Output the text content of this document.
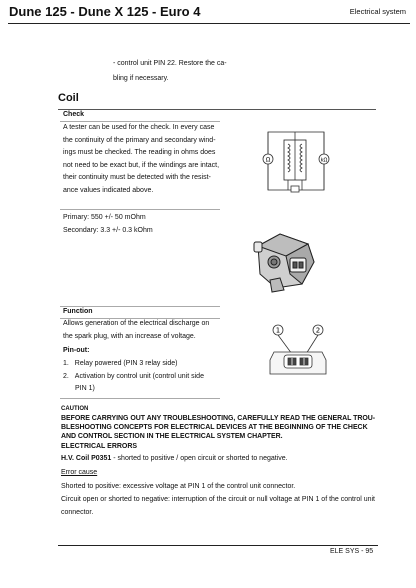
Dune 125 - Dune X 125 - Euro 4	Electrical system
- control unit PIN 22. Restore the ca-
bling if necessary.
Coil
Check
A tester can be used for the check. In every case
the continuity of the primary and secondary wind-
ings must be checked. The reading in ohms does
not need to be exact but, if the windings are intact,
their continuity must be detected with the resist-
ance values indicated above.
Ω	kΩ
Primary: 550 +/- 50 mOhm
Secondary: 3.3 +/- 0.3 kOhm
Function
Allows generation of the electrical discharge on
the spark plug, with an increase of voltage.
Pin-out:
1. Relay powered (PIN 3 relay side)
2. Activation by control unit (control unit side
PIN 1)
1	2
CAUTION
BEFORE CARRYING OUT ANY TROUBLESHOOTING, CAREFULLY READ THE GENERAL TROU-
BLESHOOTING CONCEPTS FOR ELECTRICAL DEVICES AT THE BEGINNING OF THE CHECK
AND CONTROL SECTION IN THE ELECTRICAL SYSTEM CHAPTER.
ELECTRICAL ERRORS
H.V. Coil P0351 - shorted to positive / open circuit or shorted to negative.
Error cause
Shorted to positive: excessive voltage at PIN 1 of the control unit connector.
Circuit open or shorted to negative: interruption of the circuit or null voltage at PIN 1 of the control unit
connector.
ELE SYS - 95
